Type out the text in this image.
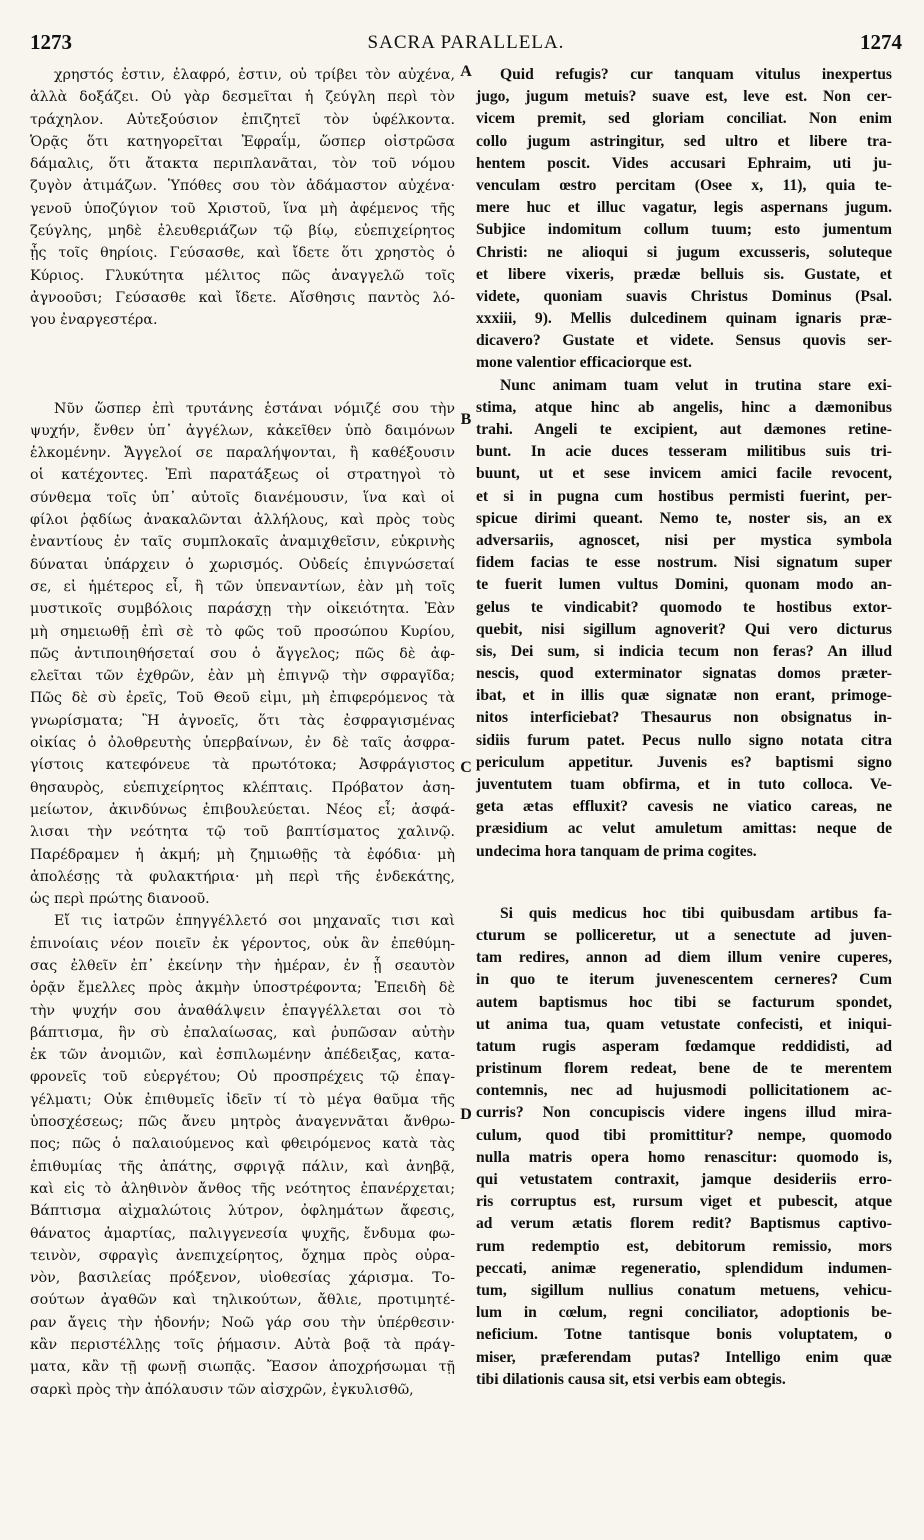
1273	SACRA PARALLELA.	1274
A
B
C
D
χρηστός ἐστιν, ἐλαφρό, ἐστιν, οὐ τρίβει τὸν αὐχένα,
ἀλλὰ δοξάζει. Οὐ γὰρ δεσμεῖται ἡ ζεύγλη περὶ τὸν
τράχηλον. Αὐτεξούσιον ἐπιζητεῖ τὸν ὑφέλκοντα.
Ὁρᾷς ὅτι κατηγορεῖται Ἐφραΐμ, ὥσπερ οἰστρῶσα
δάμαλις, ὅτι ἄτακτα περιπλανᾶται, τὸν τοῦ νόμου
ζυγὸν ἀτιμάζων. Ὑπόθες σου τὸν ἀδάμαστον αὐχένα·
γενοῦ ὑποζύγιον τοῦ Χριστοῦ, ἵνα μὴ ἀφέμενος τῆς
ζεύγλης, μηδὲ ἐλευθεριάζων τῷ βίῳ, εὐεπιχείρητος
ᾖς τοῖς θηρίοις. Γεύσασθε, καὶ ἴδετε ὅτι χρηστὸς ὁ
Κύριος. Γλυκύτητα μέλιτος πῶς ἀναγγελῶ τοῖς
ἀγνοοῦσι; Γεύσασθε καὶ ἴδετε. Αἴσθησις παντὸς λό-
γου ἐναργεστέρα.
Νῦν ὥσπερ ἐπὶ τρυτάνης ἑστάναι νόμιζέ σου τὴν
ψυχήν, ἔνθεν ὑπ᾽ ἀγγέλων, κἀκεῖθεν ὑπὸ δαιμόνων
ἑλκομένην. Ἄγγελοί σε παραλήψονται, ἢ καθέξουσιν
οἱ κατέχοντες. Ἐπὶ παρατάξεως οἱ στρατηγοὶ τὸ
σύνθεμα τοῖς ὑπ᾽ αὐτοῖς διανέμουσιν, ἵνα καὶ οἱ
φίλοι ῥᾳδίως ἀνακαλῶνται ἀλλήλους, καὶ πρὸς τοὺς
ἐναντίους ἐν ταῖς συμπλοκαῖς ἀναμιχθεῖσιν, εὐκρινὴς
δύναται ὑπάρχειν ὁ χωρισμός. Οὐδείς ἐπιγνώσεταί
σε, εἰ ἡμέτερος εἶ, ἢ τῶν ὑπεναντίων, ἐὰν μὴ τοῖς
μυστικοῖς συμβόλοις παράσχῃ τὴν οἰκειότητα. Ἐὰν
μὴ σημειωθῇ ἐπὶ σὲ τὸ φῶς τοῦ προσώπου Κυρίου,
πῶς ἀντιποιηθήσεταί σου ὁ ἄγγελος; πῶς δὲ ἀφ-
ελεῖται τῶν ἐχθρῶν, ἐὰν μὴ ἐπιγνῷ τὴν σφραγῖδα;
Πῶς δὲ σὺ ἐρεῖς, Τοῦ Θεοῦ εἰμι, μὴ ἐπιφερόμενος τὰ
γνωρίσματα; Ἢ ἀγνοεῖς, ὅτι τὰς ἐσφραγισμένας
οἰκίας ὁ ὀλοθρευτὴς ὑπερβαίνων, ἐν δὲ ταῖς ἀσφρα-
γίστοις κατεφόνευε τὰ πρωτότοκα; Ἀσφράγιστος
θησαυρὸς, εὐεπιχείρητος κλέπταις. Πρόβατον ἀση-
μείωτον, ἀκινδύνως ἐπιβουλεύεται. Νέος εἶ; ἀσφά-
λισαι τὴν νεότητα τῷ τοῦ βαπτίσματος χαλινῷ.
Παρέδραμεν ἡ ἀκμή; μὴ ζημιωθῇς τὰ ἐφόδια· μὴ
ἀπολέσῃς τὰ φυλακτήρια· μὴ περὶ τῆς ἑνδεκάτης,
ὡς περὶ πρώτης διανοοῦ.
Εἴ τις ἰατρῶν ἐπηγγέλλετό σοι μηχαναῖς τισι καὶ
ἐπινοίαις νέον ποιεῖν ἐκ γέροντος, οὐκ ἂν ἐπεθύμη-
σας ἐλθεῖν ἐπ᾽ ἐκείνην τὴν ἡμέραν, ἐν ᾗ σεαυτὸν
ὁρᾷν ἔμελλες πρὸς ἀκμὴν ὑποστρέφοντα; Ἐπειδὴ δὲ
τὴν ψυχήν σου ἀναθάλψειν ἐπαγγέλλεται σοι τὸ
βάπτισμα, ἣν σὺ ἐπαλαίωσας, καὶ ῥυπῶσαν αὐτὴν
ἐκ τῶν ἀνομιῶν, καὶ ἐσπιλωμένην ἀπέδειξας, κατα-
φρονεῖς τοῦ εὐεργέτου; Οὐ προσπρέχεις τῷ ἐπαγ-
γέλματι; Οὐκ ἐπιθυμεῖς ἰδεῖν τί τὸ μέγα θαῦμα τῆς
ὑποσχέσεως; πῶς ἄνευ μητρὸς ἀναγεννᾶται ἄνθρω-
πος; πῶς ὁ παλαιούμενος καὶ φθειρόμενος κατὰ τὰς
ἐπιθυμίας τῆς ἀπάτης, σφριγᾷ πάλιν, καὶ ἀνηβᾷ,
καὶ εἰς τὸ ἀληθινὸν ἄνθος τῆς νεότητος ἐπανέρχεται;
Βάπτισμα αἰχμαλώτοις λύτρον, ὀφλημάτων ἄφεσις,
θάνατος ἁμαρτίας, παλιγγενεσία ψυχῆς, ἔνδυμα φω-
τεινὸν, σφραγὶς ἀνεπιχείρητος, ὄχημα πρὸς οὐρα-
νὸν, βασιλείας πρόξενον, υἱοθεσίας χάρισμα. Το-
σούτων ἀγαθῶν καὶ τηλικούτων, ἄθλιε, προτιμητέ-
ραν ἄγεις τὴν ἡδονήν; Νοῶ γάρ σου τὴν ὑπέρθεσιν·
κἂν περιστέλλῃς τοῖς ῥήμασιν. Αὐτὰ βοᾷ τὰ πράγ-
ματα, κἂν τῇ φωνῇ σιωπᾷς. Ἔασον ἀποχρήσωμαι τῇ
σαρκὶ πρὸς τὴν ἀπόλαυσιν τῶν αἰσχρῶν, ἐγκυλισθῶ,
Quid refugis? cur tanquam vitulus inexpertus
jugo, jugum metuis? suave est, leve est. Non cer-
vicem premit, sed gloriam conciliat. Non enim
collo jugum astringitur, sed ultro et libere tra-
hentem poscit. Vides accusari Ephraim, uti ju-
venculam œstro percitam (Osee x, 11), quia te-
mere huc et illuc vagatur, legis aspernans jugum.
Subjice indomitum collum tuum; esto jumentum
Christi: ne alioqui si jugum excusseris, soluteque
et libere vixeris, prædæ belluis sis. Gustate, et
videte, quoniam suavis Christus Dominus (Psal.
xxxiii, 9). Mellis dulcedinem quinam ignaris præ-
dicavero? Gustate et videte. Sensus quovis ser-
mone valentior efficaciorque est.
Nunc animam tuam velut in trutina stare exi-
stima, atque hinc ab angelis, hinc a dæmonibus
trahi. Angeli te excipient, aut dæmones retine-
bunt. In acie duces tesseram militibus suis tri-
buunt, ut et sese invicem amici facile revocent,
et si in pugna cum hostibus permisti fuerint, per-
spicue dirimi queant. Nemo te, noster sis, an ex
adversariis, agnoscet, nisi per mystica symbola
fidem facias te esse nostrum. Nisi signatum super
te fuerit lumen vultus Domini, quonam modo an-
gelus te vindicabit? quomodo te hostibus extor-
quebit, nisi sigillum agnoverit? Qui vero dicturus
sis, Dei sum, si indicia tecum non feras? An illud
nescis, quod exterminator signatas domos præter-
ibat, et in illis quæ signatæ non erant, primoge-
nitos interficiebat? Thesaurus non obsignatus in-
sidiis furum patet. Pecus nullo signo notata citra
periculum appetitur. Juvenis es? baptismi signo
juventutem tuam obfirma, et in tuto colloca. Ve-
geta ætas effluxit? cavesis ne viatico careas, ne
præsidium ac velut amuletum amittas: neque de
undecima hora tanquam de prima cogites.
Si quis medicus hoc tibi quibusdam artibus fa-
cturum se polliceretur, ut a senectute ad juven-
tam redires, annon ad diem illum venire cuperes,
in quo te iterum juvenescentem cerneres? Cum
autem baptismus hoc tibi se facturum spondet,
ut anima tua, quam vetustate confecisti, et iniqui-
tatum rugis asperam fœdamque reddidisti, ad
pristinum florem redeat, bene de te merentem
contemnis, nec ad hujusmodi pollicitationem ac-
curris? Non concupiscis videre ingens illud mira-
culum, quod tibi promittitur? nempe, quomodo
nulla matris opera homo renascitur: quomodo is,
qui vetustatem contraxit, jamque desideriis erro-
ris corruptus est, rursum viget et pubescit, atque
ad verum ætatis florem redit? Baptismus captivo-
rum redemptio est, debitorum remissio, mors
peccati, animæ regeneratio, splendidum indumen-
tum, sigillum nullius conatum metuens, vehicu-
lum in cœlum, regni conciliator, adoptionis be-
neficium. Totne tantisque bonis voluptatem, o
miser, præferendam putas? Intelligo enim quæ
tibi dilationis causa sit, etsi verbis eam obtegis.
